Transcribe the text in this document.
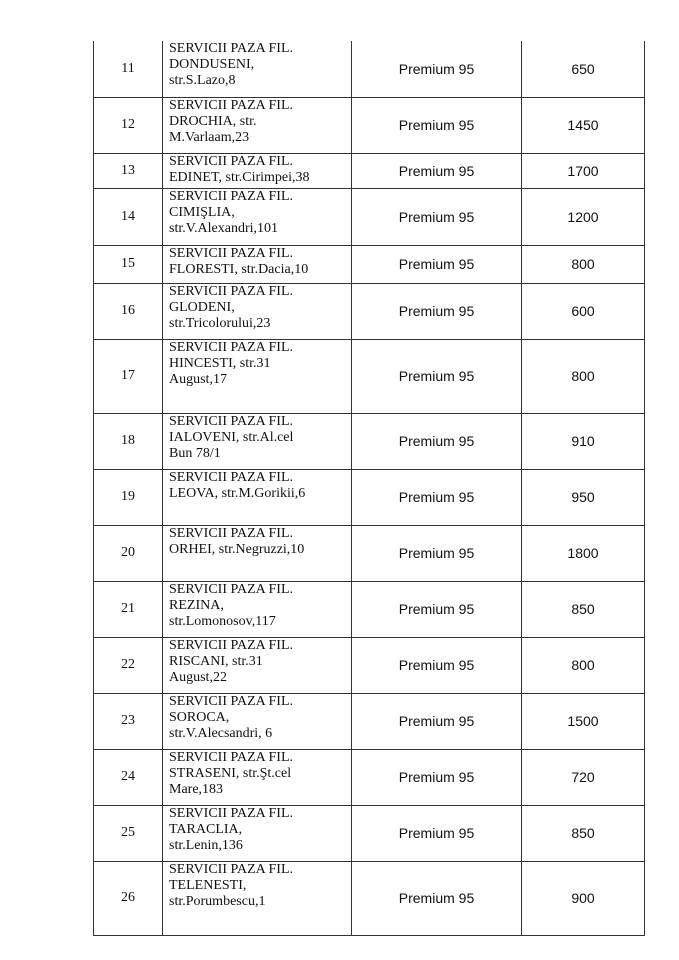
11	SERVICII PAZA FIL.
DONDUSENI,
str.S.Lazo,8	Premium 95	650
12	SERVICII PAZA FIL.
DROCHIA, str.
M.Varlaam,23	Premium 95	1450
13	SERVICII PAZA FIL.
EDINET, str.Cirimpei,38	Premium 95	1700
14	SERVICII PAZA FIL.
CIMIŞLIA,
str.V.Alexandri,101	Premium 95	1200
15	SERVICII PAZA FIL.
FLORESTI, str.Dacia,10	Premium 95	800
16	SERVICII PAZA FIL.
GLODENI,
str.Tricolorului,23	Premium 95	600
17	SERVICII PAZA FIL.
HINCESTI, str.31
August,17	Premium 95	800
18	SERVICII PAZA FIL.
IALOVENI, str.Al.cel
Bun 78/1	Premium 95	910
19	SERVICII PAZA FIL.
LEOVA, str.M.Gorikii,6	Premium 95	950
20	SERVICII PAZA FIL.
ORHEI, str.Negruzzi,10	Premium 95	1800
21	SERVICII PAZA FIL.
REZINA,
str.Lomonosov,117	Premium 95	850
22	SERVICII PAZA FIL.
RISCANI, str.31
August,22	Premium 95	800
23	SERVICII PAZA FIL.
SOROCA,
str.V.Alecsandri, 6	Premium 95	1500
24	SERVICII PAZA FIL.
STRASENI, str.Şt.cel
Mare,183	Premium 95	720
25	SERVICII PAZA FIL.
TARACLIA,
str.Lenin,136	Premium 95	850
26	SERVICII PAZA FIL.
TELENESTI,
str.Porumbescu,1	Premium 95	900
